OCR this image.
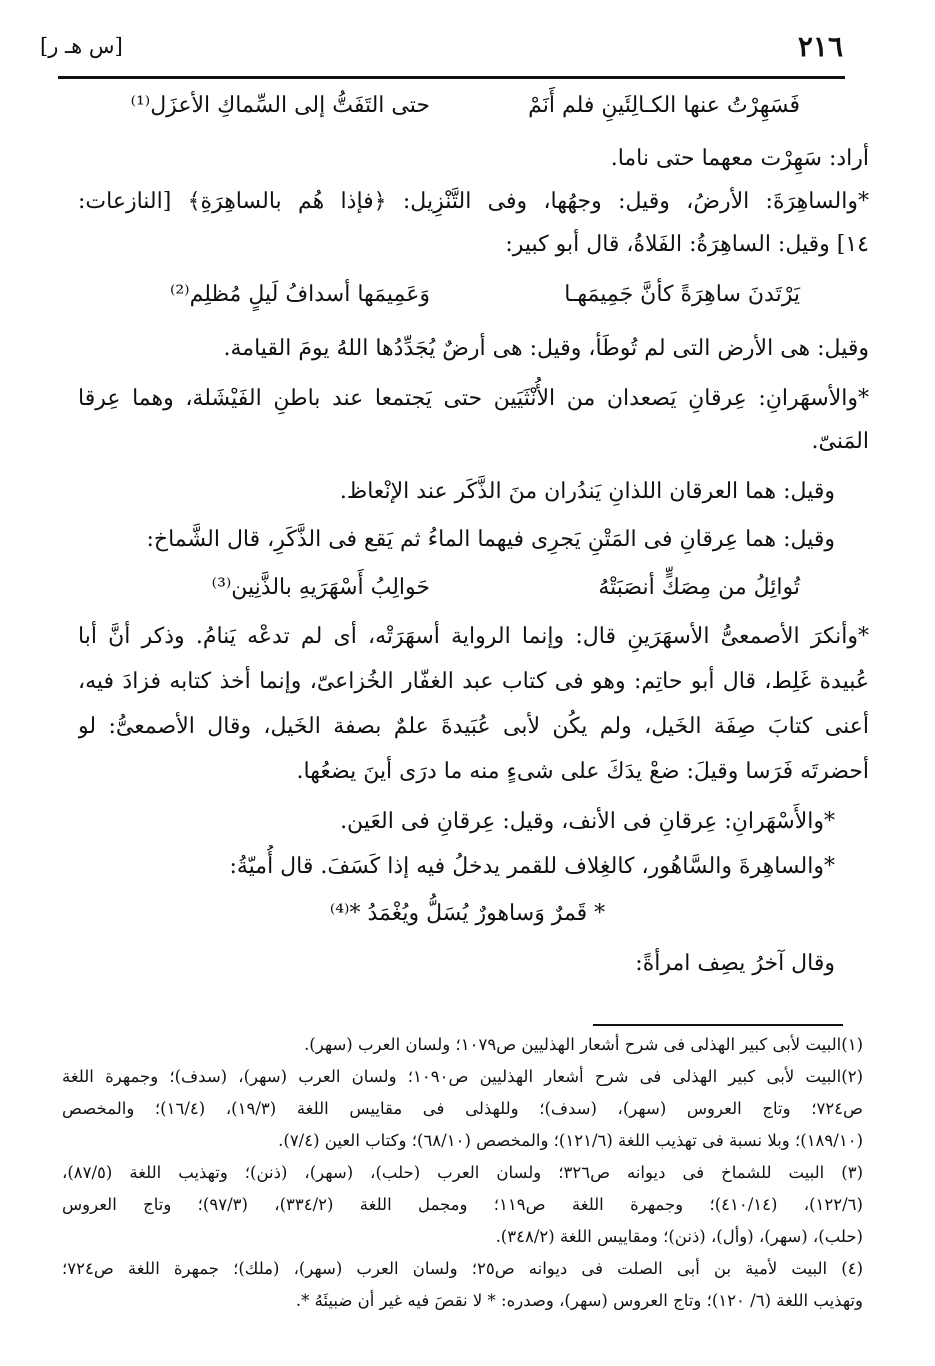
٢١٦
[س هـ ر]
فَسَهِرْتُ عنها الكـالِئَينِ فلم أَنَمْ
حتى التَفَتُّ إلى السِّماكِ الأعزَل⁽¹⁾
أراد: سَهِرْت معهما حتى ناما.
*والساهِرَةَ: الأرضُ، وقيل: وجهُها، وفى التَّنْزِيل: ﴿فإذا هُم بالساهِرَةِ﴾ [النازعات:
١٤] وقيل: الساهِرَةُ: الفَلاةُ، قال أبو كبير:
يَرْتَدنَ ساهِرَةً كأنَّ جَمِيمَهـا
وَعَمِيمَها أسدافُ لَيلٍ مُظلِم⁽²⁾
وقيل: هى الأرض التى لم تُوطَأ، وقيل: هى أرضٌ يُجَدِّدُها اللهُ يومَ القيامة.
*والأسهَرانِ: عِرقانِ يَصعدان من الأُنْثَيَين حتى يَجتمعا عند باطنِ الفَيْشَلة، وهما عِرقا
المَنىّ.
وقيل: هما العرقان اللذانِ يَندُران منَ الذَّكَر عند الإنْعاظ.
وقيل: هما عِرقانِ فى المَتْنِ يَجرِى فيهما الماءُ ثم يَقع فى الذَّكَرِ، قال الشَّماخ:
تُوائِلُ من مِصَكٍّ أنصَبَتْهُ
حَوالِبُ أَسْهَرَيهِ بالذَّنِين⁽³⁾
*وأنكرَ الأصمعىُّ الأسهَرَينِ قال: وإنما الرواية أسهَرَتْه، أى لم تدعْه يَنامُ. وذكر أنَّ أبا
عُبيدة غَلِط، قال أبو حاتِم: وهو فى كتاب عبد الغفّار الخُزاعىّ، وإنما أخذ كتابه فزادَ فيه،
أعنى كتابَ صِفَة الخَيل، ولم يكُن لأبى عُبَيدةَ علمٌ بصفة الخَيل، وقال الأصمعىُّ: لو
أحضرتَه فَرَسا وقيلَ: ضعْ يدَكَ على شىءٍ منه ما درَى أينَ يضعُها.
*والأَسْهَرانِ: عِرقانِ فى الأنف، وقيل: عِرقانِ فى العَين.
*والساهِرةَ والسَّاهُور، كالغِلاف للقمر يدخلُ فيه إذا كَسَفَ. قال أُميّةُ:
* قَمرٌ وَساهورٌ يُسَلُّ ويُغْمَدُ *⁽⁴⁾
وقال آخرُ يصِف امرأةً:
(١)البيت لأبى كبير الهذلى فى شرح أشعار الهذليين ص١٠٧٩؛ ولسان العرب (سهر).
(٢)البيت لأبى كبير الهذلى فى شرح أشعار الهذليين ص١٠٩٠؛ ولسان العرب (سهر)، (سدف)؛ وجمهرة اللغة
ص٧٢٤؛ وتاج العروس (سهر)، (سدف)؛ وللهذلى فى مقاييس اللغة (١٩/٣)، (١٦/٤)؛ والمخصص
(١٨٩/١٠)؛ وبلا نسبة فى تهذيب اللغة (١٢١/٦)؛ والمخصص (٦٨/١٠)؛ وكتاب العين (٧/٤).
(٣) البيت للشماخ فى ديوانه ص٣٢٦؛ ولسان العرب (حلب)، (سهر)، (ذنن)؛ وتهذيب اللغة (٨٧/٥)،
(١٢٢/٦)، (٤١٠/١٤)؛ وجمهرة اللغة ص١١٩؛ ومجمل اللغة (٣٣٤/٢)، (٩٧/٣)؛ وتاج العروس
(حلب)، (سهر)، (وأل)، (ذنن)؛ ومقاييس اللغة (٣٤٨/٢).
(٤) البيت لأمية بن أبى الصلت فى ديوانه ص٢٥؛ ولسان العرب (سهر)، (ملك)؛ جمهرة اللغة ص٧٢٤؛
وتهذيب اللغة (٦/ ١٢٠)؛ وتاج العروس (سهر)، وصدره: * لا نقصَ فيه غير أن ضبيئَهُ *.
